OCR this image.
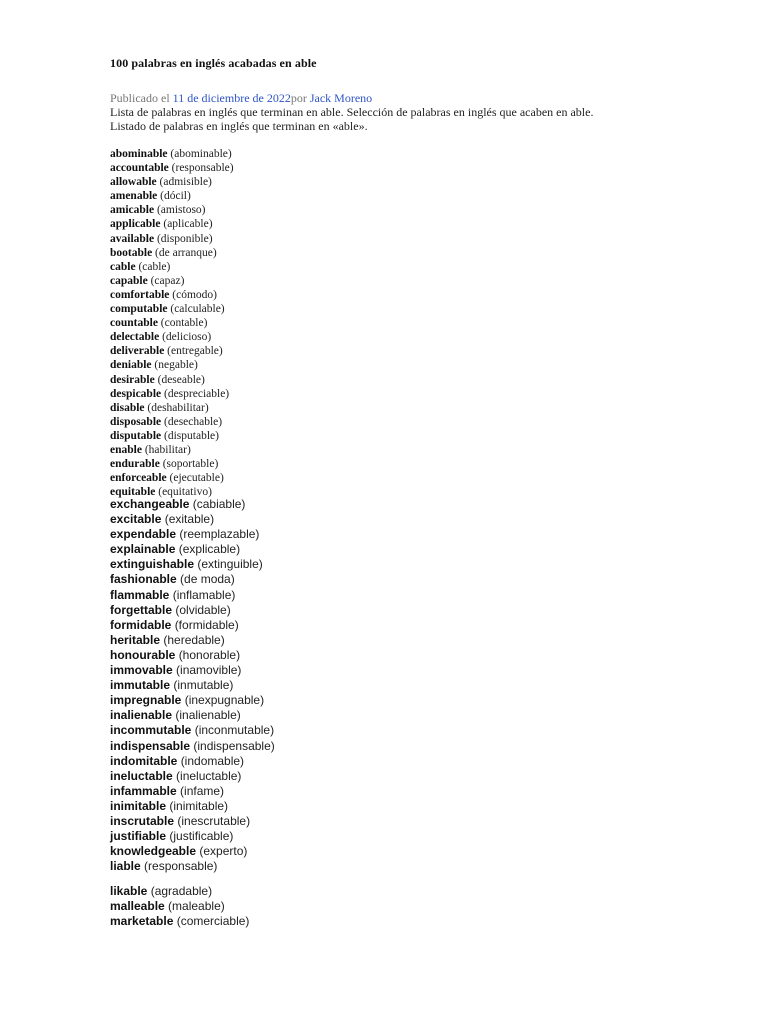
100 palabras en inglés acabadas en able
Publicado el 11 de diciembre de 2022por Jack Moreno

Lista de palabras en inglés que terminan en able. Selección de palabras en inglés que acaben en able.

Listado de palabras en inglés que terminan en «able».

abominable (abominable)
accountable (responsable)
allowable (admisible)
amenable (dócil)
amicable (amistoso)
applicable (aplicable)
available (disponible)
bootable (de arranque)
cable (cable)
capable (capaz)
comfortable (cómodo)
computable (calculable)
countable (contable)
delectable (delicioso)
deliverable (entregable)
deniable (negable)
desirable (deseable)
despicable (despreciable)
disable (deshabilitar)
disposable (desechable)
disputable (disputable)
enable (habilitar)
endurable (soportable)
enforceable (ejecutable)
equitable (equitativo)
exchangeable (cabiable)
excitable (exitable)
expendable (reemplazable)
explainable (explicable)
extinguishable (extinguible)
fashionable (de moda)
flammable (inflamable)
forgettable (olvidable)
formidable (formidable)
heritable (heredable)
honourable (honorable)
immovable (inamovible)
immutable (inmutable)
impregnable (inexpugnable)
inalienable (inalienable)
incommutable (inconmutable)
indispensable (indispensable)
indomitable (indomable)
ineluctable (ineluctable)
infammable (infame)
inimitable (inimitable)
inscrutable (inescrutable)
justifiable (justificable)
knowledgeable (experto)
liable (responsable)
likable (agradable)
malleable (maleable)
marketable (comerciable)
